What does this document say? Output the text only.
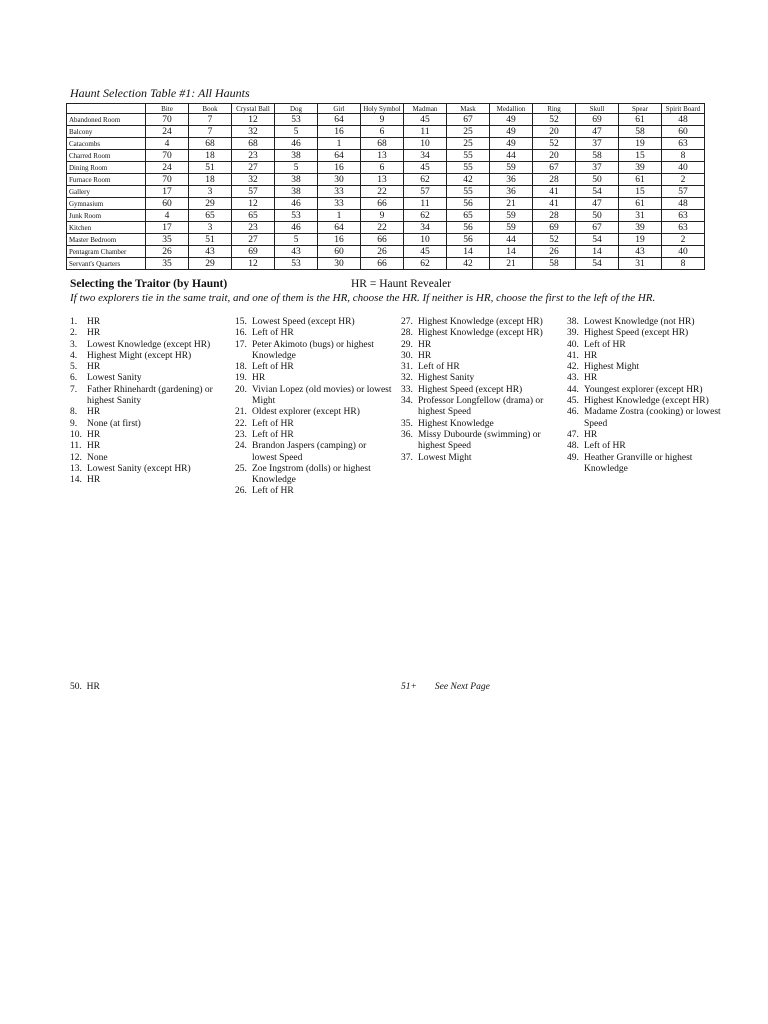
Haunt Selection Table #1: All Haunts
	Bite	Book	Crystal Ball	Dog	Girl	Holy Symbol	Madman	Mask	Medallion	Ring	Skull	Spear	Spirit Board
Abandoned Room	70	7	12	53	64	9	45	67	49	52	69	61	48
Balcony	24	7	32	5	16	6	11	25	49	20	47	58	60
Catacombs	4	68	68	46	1	68	10	25	49	52	37	19	63
Charred Room	70	18	23	38	64	13	34	55	44	20	58	15	8
Dining Room	24	51	27	5	16	6	45	55	59	67	37	39	40
Furnace Room	70	18	32	38	30	13	62	42	36	28	50	61	2
Gallery	17	3	57	38	33	22	57	55	36	41	54	15	57
Gymnasium	60	29	12	46	33	66	11	56	21	41	47	61	48
Junk Room	4	65	65	53	1	9	62	65	59	28	50	31	63
Kitchen	17	3	23	46	64	22	34	56	59	69	67	39	63
Master Bedroom	35	51	27	5	16	66	10	56	44	52	54	19	2
Pentagram Chamber	26	43	69	43	60	26	45	14	14	26	14	43	40
Servant's Quarters	35	29	12	53	30	66	62	42	21	58	54	31	8
Selecting the Traitor (by Haunt)	HR = Haunt Revealer
If two explorers tie in the same trait, and one of them is the HR, choose the HR. If neither is HR, choose the first to the left of the HR.
1.	HR
2.	HR
3.	Lowest Knowledge (except HR)
4.	Highest Might (except HR)
5.	HR
6.	Lowest Sanity
7.	Father Rhinehardt (gardening) or highest Sanity
8.	HR
9.	None (at first)
10. HR
11. HR
12. None
13. Lowest Sanity (except HR)
14. HR
15. Lowest Speed (except HR)
16. Left of HR
17. Peter Akimoto (bugs) or highest Knowledge
18. Left of HR
19. HR
20. Vivian Lopez (old movies) or lowest Might
21. Oldest explorer (except HR)
22. Left of HR
23. Left of HR
24. Brandon Jaspers (camping) or lowest Speed
25. Zoe Ingstrom (dolls) or highest Knowledge
26. Left of HR
27. Highest Knowledge (except HR)
28. Highest Knowledge (except HR)
29. HR
30. HR
31. Left of HR
32. Highest Sanity
33. Highest Speed (except HR)
34. Professor Longfellow (drama) or highest Speed
35. Highest Knowledge
36. Missy Dubourde (swimming) or highest Speed
37. Lowest Might
38. Lowest Knowledge (not HR)
39. Highest Speed (except HR)
40. Left of HR
41. HR
42. Highest Might
43. HR
44. Youngest explorer (except HR)
45. Highest Knowledge (except HR)
46. Madame Zostra (cooking) or lowest Speed
47. HR
48. Left of HR
49. Heather Granville or highest Knowledge
50. HR	51+ See Next Page
